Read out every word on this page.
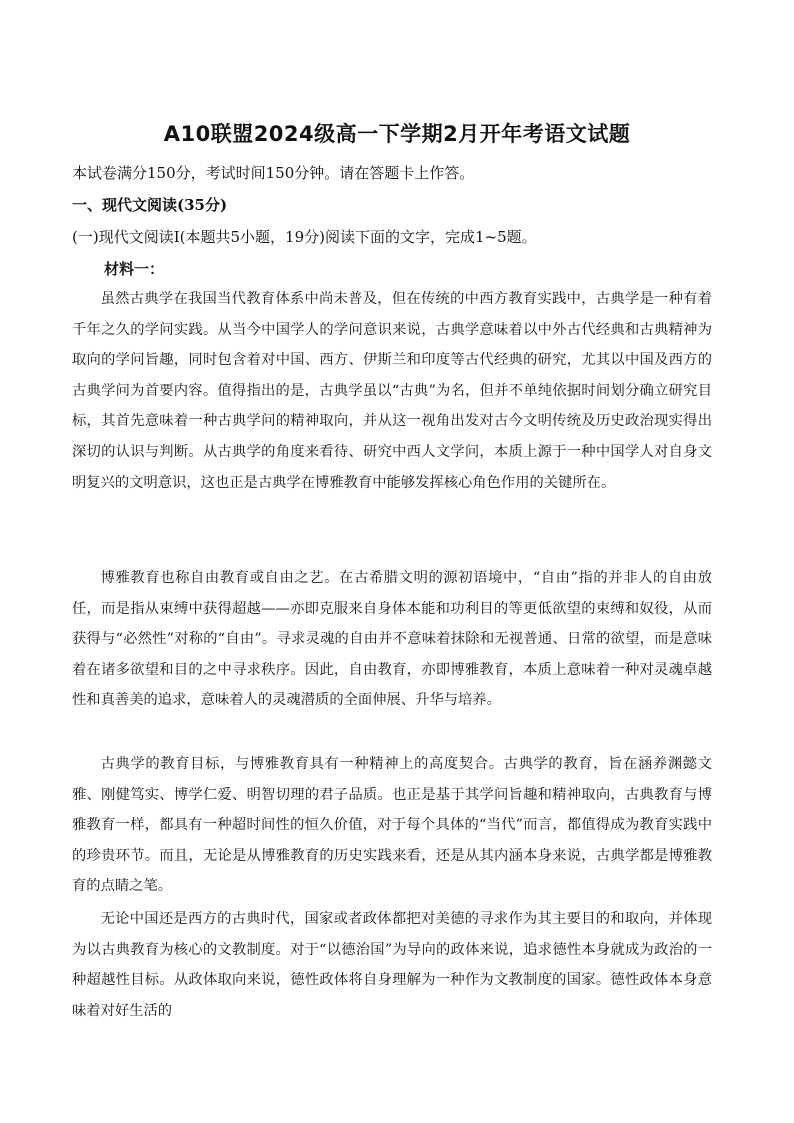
A10联盟2024级高一下学期2月开年考语文试题
本试卷满分150分，考试时间150分钟。请在答题卡上作答。
一、现代文阅读(35分)
(一)现代文阅读I(本题共5小题，19分)阅读下面的文字，完成1~5题。
材料一：
虽然古典学在我国当代教育体系中尚未普及，但在传统的中西方教育实践中，古典学是一种有着千年之久的学问实践。从当今中国学人的学问意识来说，古典学意味着以中外古代经典和古典精神为取向的学问旨趣，同时包含着对中国、西方、伊斯兰和印度等古代经典的研究，尤其以中国及西方的古典学问为首要内容。值得指出的是，古典学虽以“古典”为名，但并不单纯依据时间划分确立研究目标，其首先意味着一种古典学问的精神取向，并从这一视角出发对古今文明传统及历史政治现实得出深切的认识与判断。从古典学的角度来看待、研究中西人文学问，本质上源于一种中国学人对自身文明复兴的文明意识，这也正是古典学在博雅教育中能够发挥核心角色作用的关键所在。
博雅教育也称自由教育或自由之艺。在古希腊文明的源初语境中，“自由”指的并非人的自由放任，而是指从束缚中获得超越——亦即克服来自身体本能和功利目的等更低欲望的束缚和奴役，从而获得与“必然性”对称的“自由”。寻求灵魂的自由并不意味着抹除和无视普通、日常的欲望，而是意味着在诸多欲望和目的之中寻求秩序。因此，自由教育，亦即博雅教育，本质上意味着一种对灵魂卓越性和真善美的追求，意味着人的灵魂潜质的全面伸展、升华与培养。
古典学的教育目标，与博雅教育具有一种精神上的高度契合。古典学的教育，旨在涵养渊懿文雅、刚健笃实、博学仁爱、明智切理的君子品质。也正是基于其学问旨趣和精神取向，古典教育与博雅教育一样，都具有一种超时间性的恒久价值，对于每个具体的“当代”而言，都值得成为教育实践中的珍贵环节。而且，无论是从博雅教育的历史实践来看，还是从其内涵本身来说，古典学都是博雅教育的点睛之笔。
无论中国还是西方的古典时代，国家或者政体都把对美德的寻求作为其主要目的和取向，并体现为以古典教育为核心的文教制度。对于“以德治国”为导向的政体来说，追求德性本身就成为政治的一种超越性目标。从政体取向来说，德性政体将自身理解为一种作为文教制度的国家。德性政体本身意味着对好生活的
